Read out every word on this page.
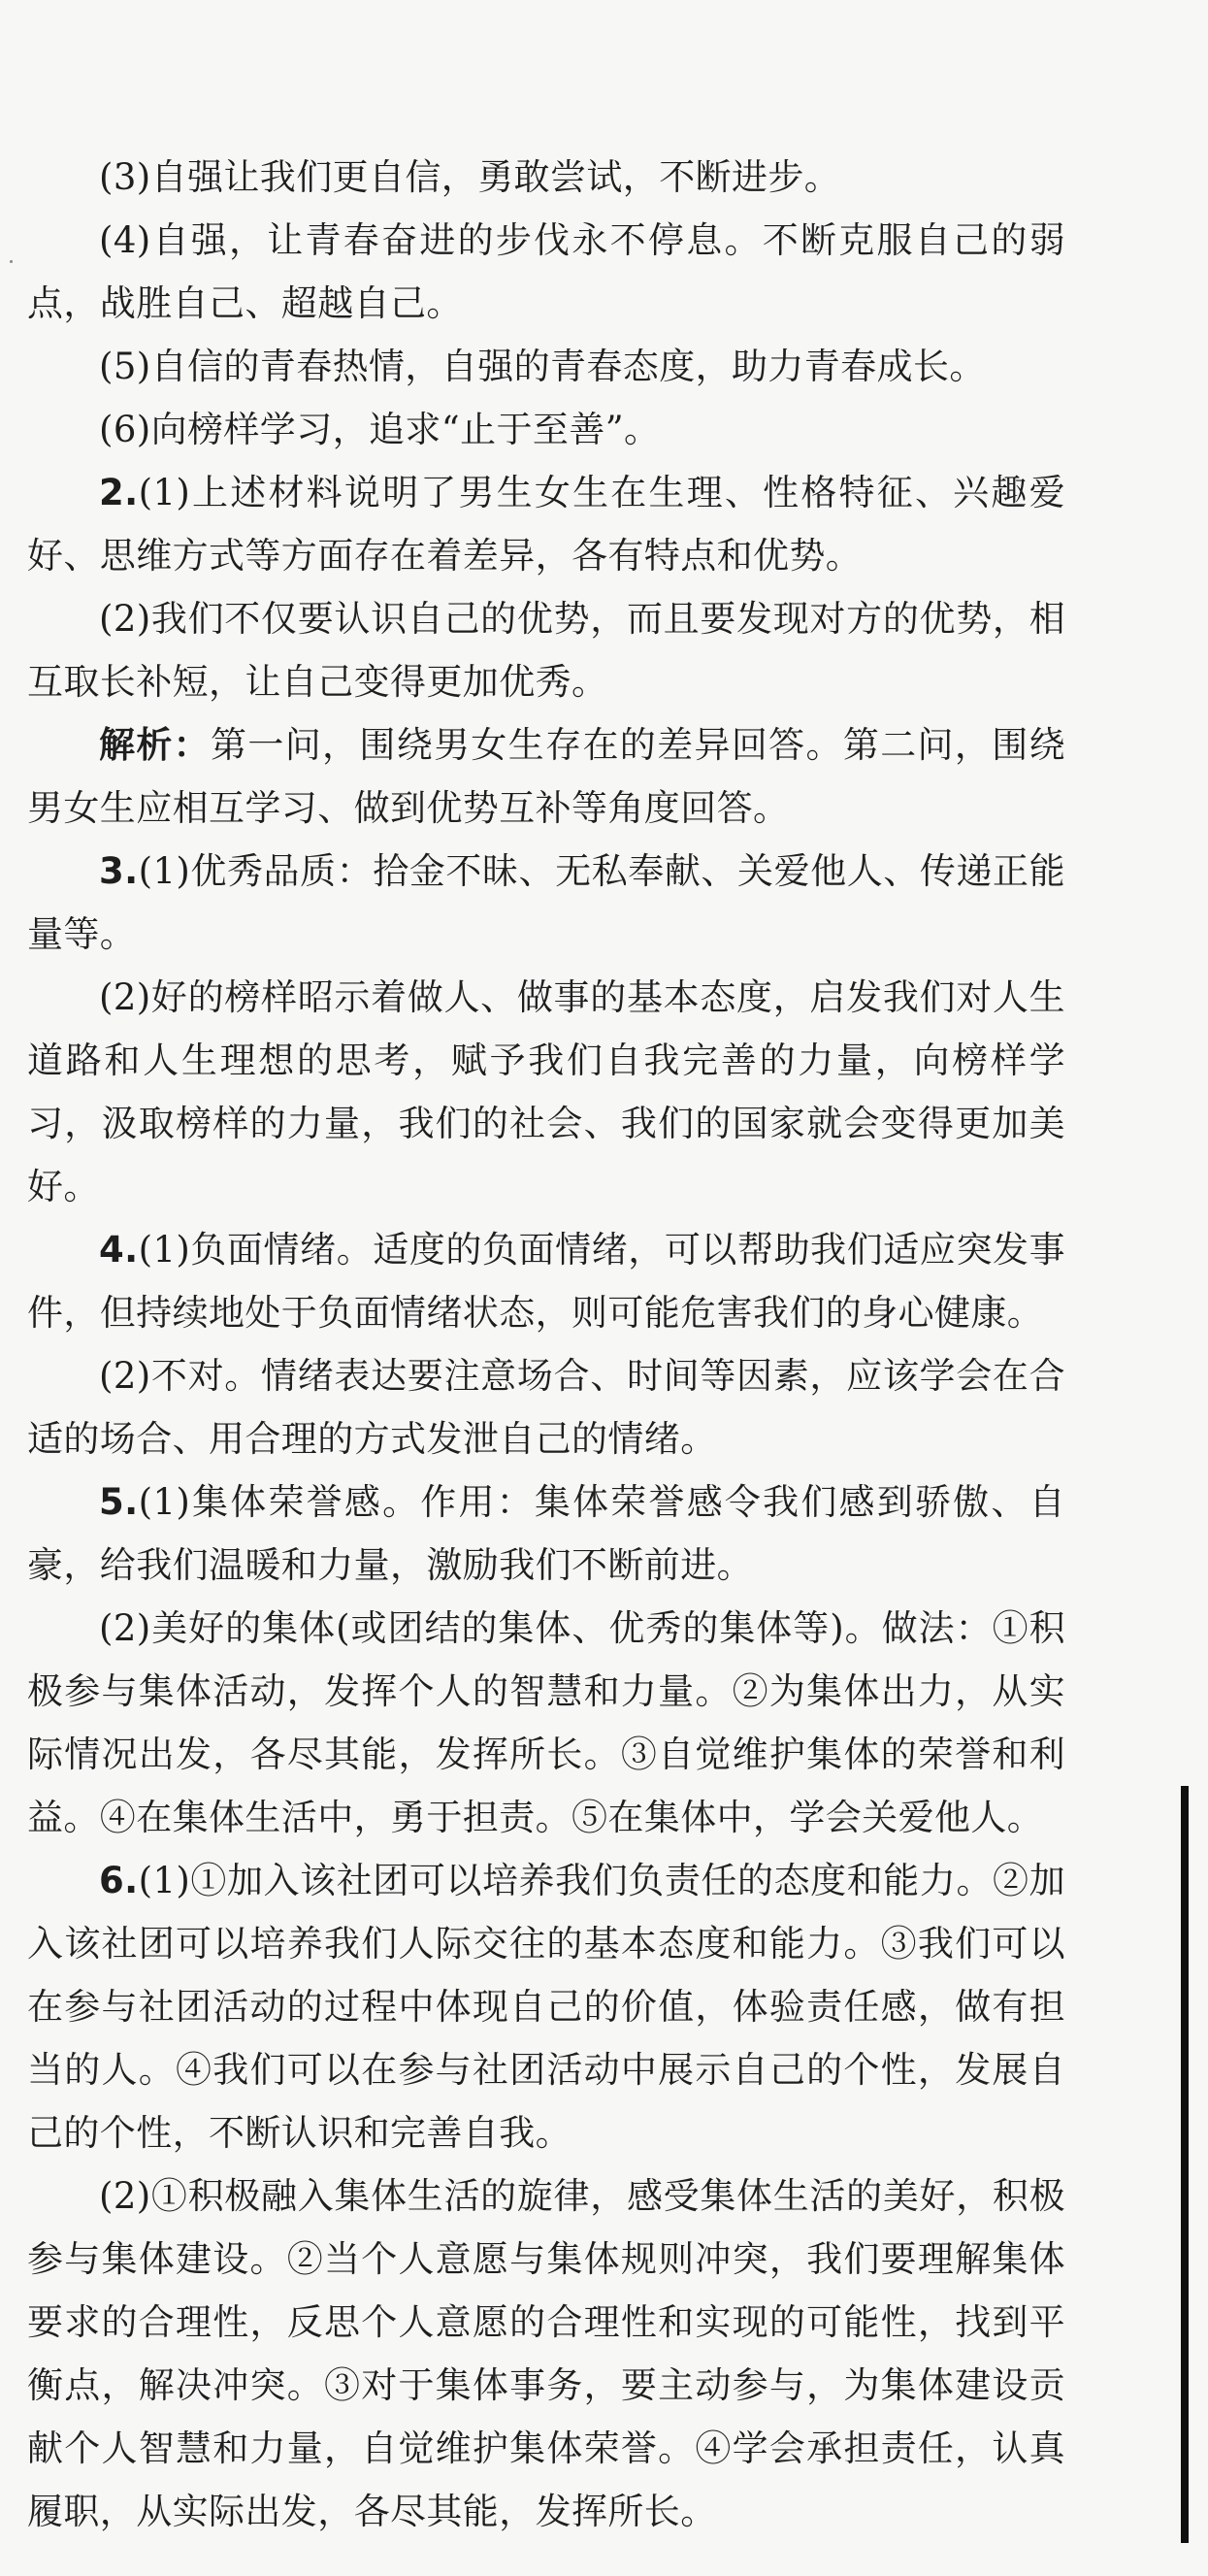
(3)自强让我们更自信，勇敢尝试，不断进步。

(4)自强，让青春奋进的步伐永不停息。不断克服自己的弱点，战胜自己、超越自己。

(5)自信的青春热情，自强的青春态度，助力青春成长。

(6)向榜样学习，追求“止于至善”。

2.(1)上述材料说明了男生女生在生理、性格特征、兴趣爱好、思维方式等方面存在着差异，各有特点和优势。

(2)我们不仅要认识自己的优势，而且要发现对方的优势，相互取长补短，让自己变得更加优秀。

解析：第一问，围绕男女生存在的差异回答。第二问，围绕男女生应相互学习、做到优势互补等角度回答。

3.(1)优秀品质：拾金不昧、无私奉献、关爱他人、传递正能量等。

(2)好的榜样昭示着做人、做事的基本态度，启发我们对人生道路和人生理想的思考，赋予我们自我完善的力量，向榜样学习，汲取榜样的力量，我们的社会、我们的国家就会变得更加美好。

4.(1)负面情绪。适度的负面情绪，可以帮助我们适应突发事件，但持续地处于负面情绪状态，则可能危害我们的身心健康。

(2)不对。情绪表达要注意场合、时间等因素，应该学会在合适的场合、用合理的方式发泄自己的情绪。

5.(1)集体荣誉感。作用：集体荣誉感令我们感到骄傲、自豪，给我们温暖和力量，激励我们不断前进。

(2)美好的集体(或团结的集体、优秀的集体等)。做法：①积极参与集体活动，发挥个人的智慧和力量。②为集体出力，从实际情况出发，各尽其能，发挥所长。③自觉维护集体的荣誉和利益。④在集体生活中，勇于担责。⑤在集体中，学会关爱他人。

6.(1)①加入该社团可以培养我们负责任的态度和能力。②加入该社团可以培养我们人际交往的基本态度和能力。③我们可以在参与社团活动的过程中体现自己的价值，体验责任感，做有担当的人。④我们可以在参与社团活动中展示自己的个性，发展自己的个性，不断认识和完善自我。

(2)①积极融入集体生活的旋律，感受集体生活的美好，积极参与集体建设。②当个人意愿与集体规则冲突，我们要理解集体要求的合理性，反思个人意愿的合理性和实现的可能性，找到平衡点，解决冲突。③对于集体事务，要主动参与，为集体建设贡献个人智慧和力量，自觉维护集体荣誉。④学会承担责任，认真履职，从实际出发，各尽其能，发挥所长。
